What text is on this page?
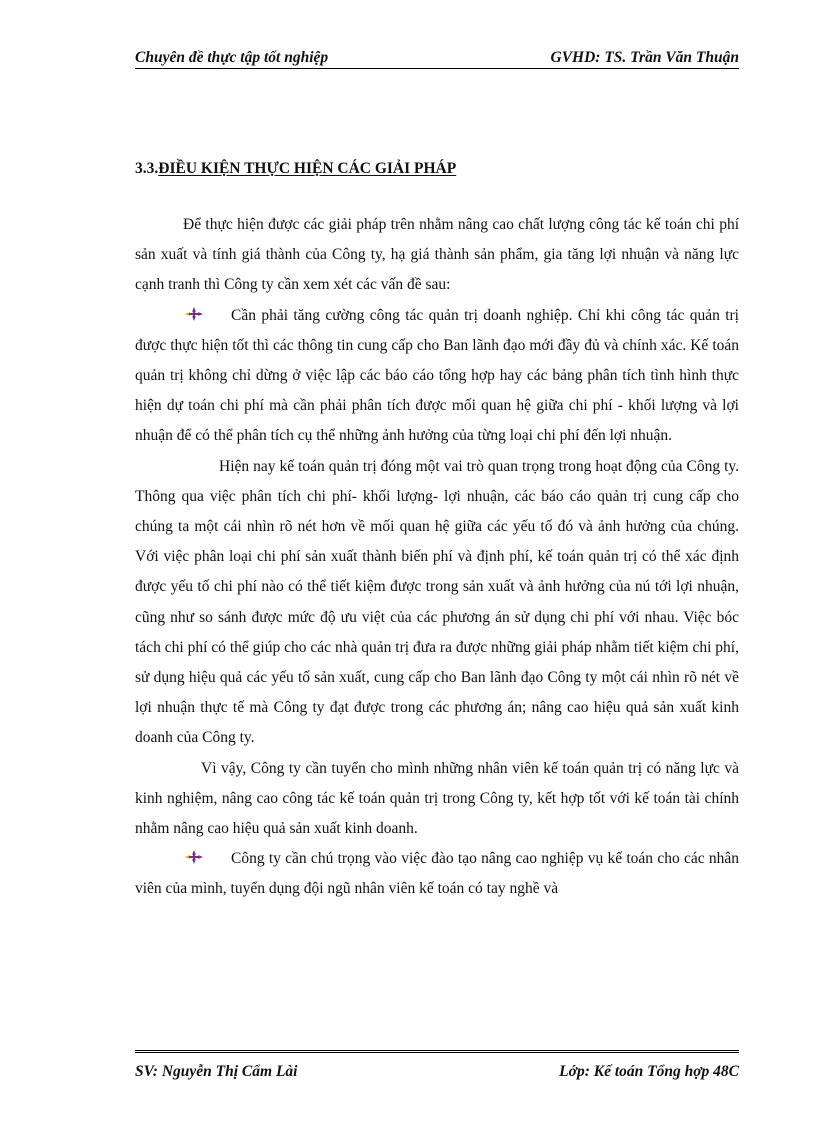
Chuyên đề thực tập tốt nghiệp	GVHD: TS. Trần Văn Thuận
3.3.ĐIỀU KIỆN THỰC HIỆN CÁC GIẢI PHÁP

Để thực hiện được các giải pháp trên nhằm nâng cao chất lượng công tác kế toán chi phí sản xuất và tính giá thành của Công ty, hạ giá thành sản phẩm, gia tăng lợi nhuận và năng lực cạnh tranh thì Công ty cần xem xét các vấn đề sau:

Cần phải tăng cường công tác quản trị doanh nghiệp. Chỉ khi công tác quản trị được thực hiện tốt thì các thông tin cung cấp cho Ban lãnh đạo mới đầy đủ và chính xác. Kế toán quản trị không chỉ dừng ở việc lập các báo cáo tổng hợp hay các bảng phân tích tình hình thực hiện dự toán chi phí mà cần phải phân tích được mối quan hệ giữa chi phí - khối lượng và lợi nhuận để có thể phân tích cụ thể những ảnh hưởng của từng loại chi phí đến lợi nhuận.

Hiện nay kế toán quản trị đóng một vai trò quan trọng trong hoạt động của Công ty. Thông qua việc phân tích chi phí- khối lượng- lợi nhuận, các báo cáo quản trị cung cấp cho chúng ta một cái nhìn rõ nét hơn về mối quan hệ giữa các yếu tố đó và ảnh hưởng của chúng. Với việc phân loại chi phí sản xuất thành biến phí và định phí, kế toán quản trị có thể xác định được yếu tố chi phí nào có thể tiết kiệm được trong sản xuất và ảnh hưởng của nú tới lợi nhuận, cũng như so sánh được mức độ ưu việt của các phương án sử dụng chi phí với nhau. Việc bóc tách chi phí có thể giúp cho các nhà quản trị đưa ra được những giải pháp nhằm tiết kiệm chi phí, sử dụng hiệu quả các yếu tố sản xuất, cung cấp cho Ban lãnh đạo Công ty một cái nhìn rõ nét về lợi nhuận thực tế mà Công ty đạt được trong các phương án; nâng cao hiệu quả sản xuất kinh doanh của Công ty.

Vì vậy, Công ty cần tuyển cho mình những nhân viên kế toán quản trị có năng lực và kinh nghiệm, nâng cao công tác kế toán quản trị trong Công ty, kết hợp tốt với kế toán tài chính nhằm nâng cao hiệu quả sản xuất kinh doanh.

Công ty cần chú trọng vào việc đào tạo nâng cao nghiệp vụ kế toán cho các nhân viên của mình, tuyển dụng đội ngũ nhân viên kế toán có tay nghề và

SV: Nguyễn Thị Cẩm Lài	Lớp: Kế toán Tổng hợp 48C
